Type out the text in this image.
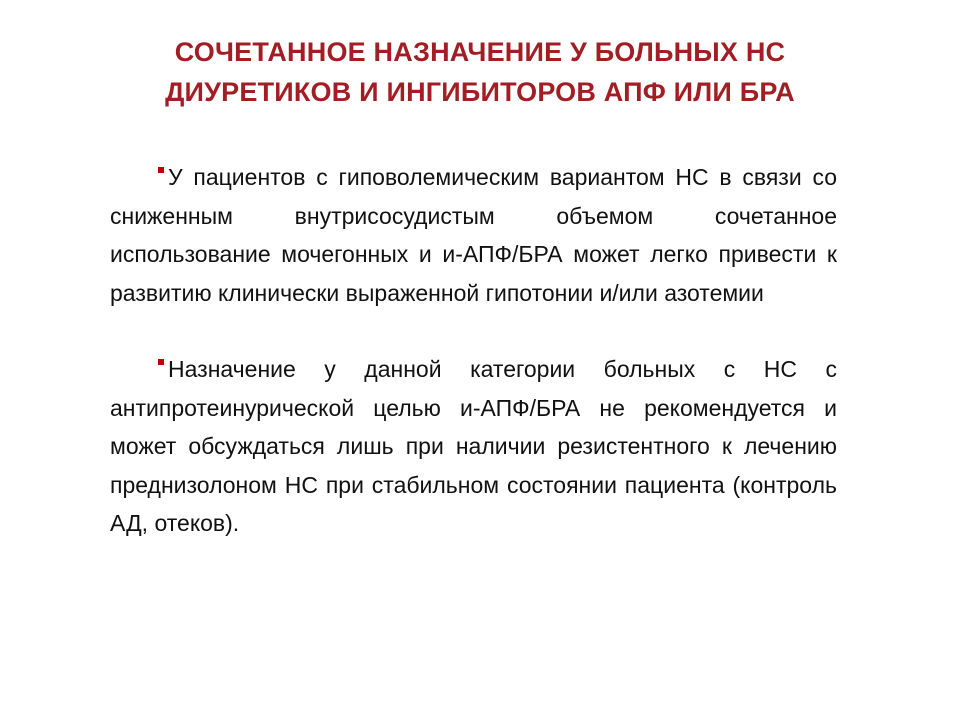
СОЧЕТАННОЕ НАЗНАЧЕНИЕ У БОЛЬНЫХ НС
ДИУРЕТИКОВ И ИНГИБИТОРОВ АПФ ИЛИ БРА

У пациентов с гиповолемическим вариантом НС в связи со сниженным внутрисосудистым объемом сочетанное использование мочегонных и и-АПФ/БРА может легко привести к развитию клинически выраженной гипотонии и/или азотемии

Назначение у данной категории больных с НС с антипротеинурической целью и-АПФ/БРА не рекомендуется и может обсуждаться лишь при наличии резистентного к лечению преднизолоном НС при стабильном состоянии пациента (контроль АД, отеков).
